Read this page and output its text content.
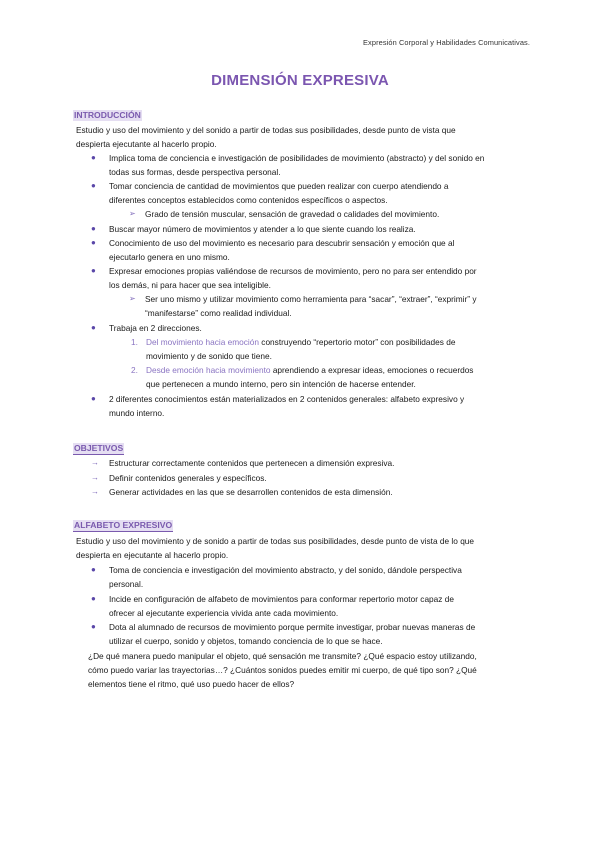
Expresión Corporal y Habilidades Comunicativas.
DIMENSIÓN EXPRESIVA
INTRODUCCIÓN
Estudio y uso del movimiento y del sonido a partir de todas sus posibilidades, desde punto de vista que
despierta ejecutante al hacerlo propio.
● Implica toma de conciencia e investigación de posibilidades de movimiento (abstracto) y del sonido en
todas sus formas, desde perspectiva personal.
● Tomar conciencia de cantidad de movimientos que pueden realizar con cuerpo atendiendo a
diferentes conceptos establecidos como contenidos específicos o aspectos.
➢ Grado de tensión muscular, sensación de gravedad o calidades del movimiento.
● Buscar mayor número de movimientos y atender a lo que siente cuando los realiza.
● Conocimiento de uso del movimiento es necesario para descubrir sensación y emoción que al
ejecutarlo genera en uno mismo.
● Expresar emociones propias valiéndose de recursos de movimiento, pero no para ser entendido por
los demás, ni para hacer que sea inteligible.
➢ Ser uno mismo y utilizar movimiento como herramienta para “sacar”, “extraer”, “exprimir” y
“manifestarse” como realidad individual.
● Trabaja en 2 direcciones.
1. Del movimiento hacia emoción construyendo “repertorio motor” con posibilidades de
movimiento y de sonido que tiene.
2. Desde emoción hacia movimiento aprendiendo a expresar ideas, emociones o recuerdos
que pertenecen a mundo interno, pero sin intención de hacerse entender.
● 2 diferentes conocimientos están materializados en 2 contenidos generales: alfabeto expresivo y
mundo interno.
OBJETIVOS
→ Estructurar correctamente contenidos que pertenecen a dimensión expresiva.
→ Definir contenidos generales y específicos.
→ Generar actividades en las que se desarrollen contenidos de esta dimensión.
ALFABETO EXPRESIVO
Estudio y uso del movimiento y de sonido a partir de todas sus posibilidades, desde punto de vista de lo que
despierta en ejecutante al hacerlo propio.
● Toma de conciencia e investigación del movimiento abstracto, y del sonido, dándole perspectiva
personal.
● Incide en configuración de alfabeto de movimientos para conformar repertorio motor capaz de
ofrecer al ejecutante experiencia vivida ante cada movimiento.
● Dota al alumnado de recursos de movimiento porque permite investigar, probar nuevas maneras de
utilizar el cuerpo, sonido y objetos, tomando conciencia de lo que se hace.
¿De qué manera puedo manipular el objeto, qué sensación me transmite? ¿Qué espacio estoy utilizando,
cómo puedo variar las trayectorias…? ¿Cuántos sonidos puedes emitir mi cuerpo, de qué tipo son? ¿Qué
elementos tiene el ritmo, qué uso puedo hacer de ellos?
